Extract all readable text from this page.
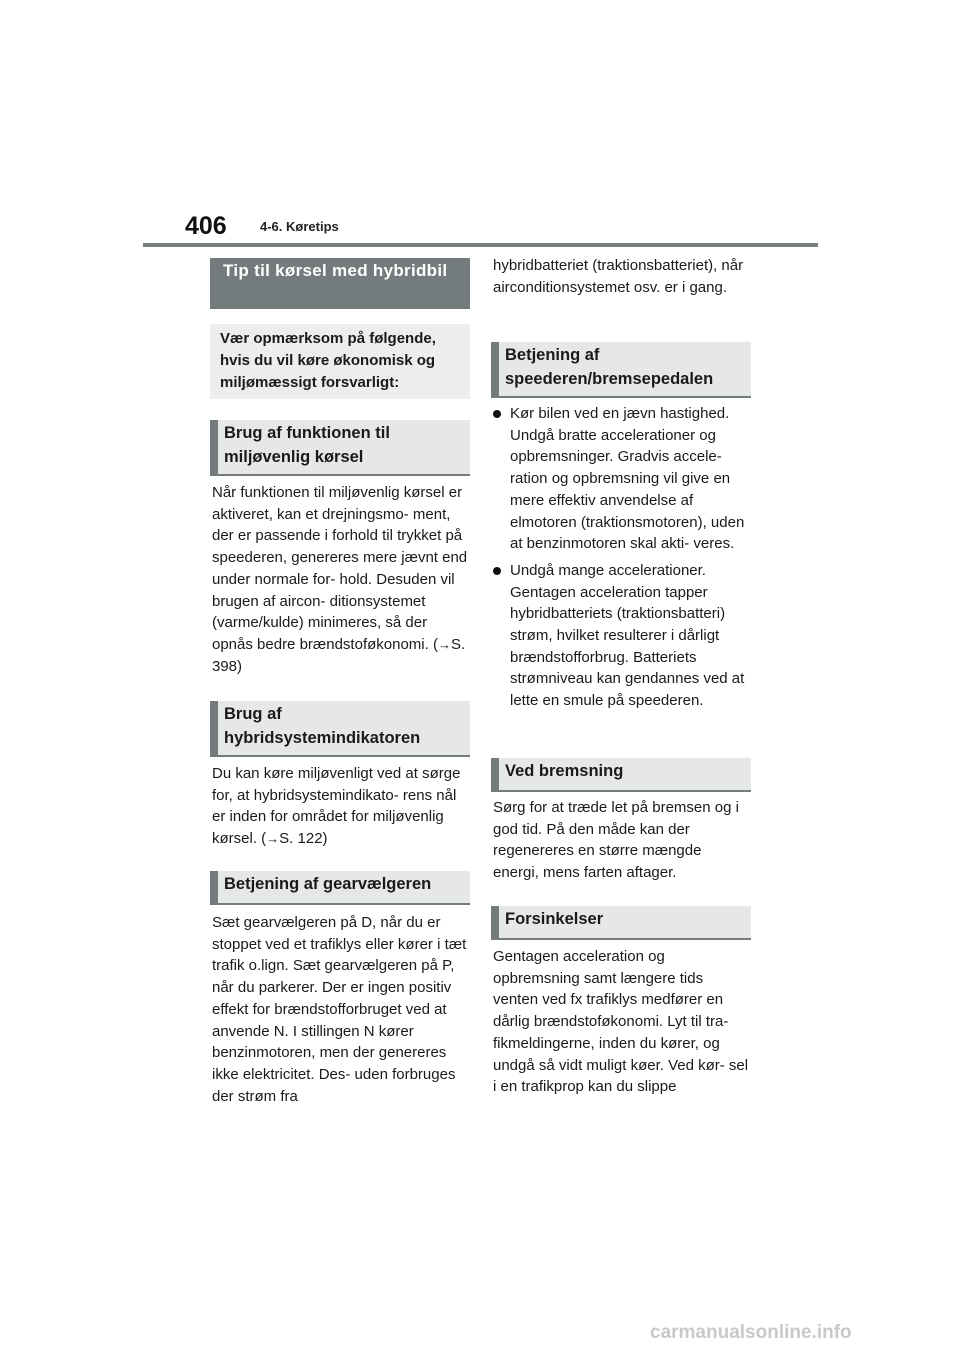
406	4-6. Køretips
Tip til kørsel med hybridbil
Vær opmærksom på følgende, hvis du vil køre økonomisk og miljømæssigt forsvarligt:
Brug af funktionen til miljøvenlig kørsel

Når funktionen til miljøvenlig kørsel er aktiveret, kan et drejningsmo- ment, der er passende i forhold til trykket på speederen, genereres mere jævnt end under normale for- hold. Desuden vil brugen af aircon- ditionsystemet (varme/kulde) minimeres, så der opnås bedre brændstoføkonomi. (→S. 398)

Brug af hybridsystemindikatoren

Du kan køre miljøvenligt ved at sørge for, at hybridsystemindikato- rens nål er inden for området for miljøvenlig kørsel. (→S. 122)

Betjening af gearvælgeren

Sæt gearvælgeren på D, når du er stoppet ved et trafiklys eller kører i tæt trafik o.lign. Sæt gearvælgeren på P, når du parkerer. Der er ingen positiv effekt for brændstofforbruget ved at anvende N. I stillingen N kører benzinmotoren, men der genereres ikke elektricitet. Des- uden forbruges der strøm fra

hybridbatteriet (traktionsbatteriet), når airconditionsystemet osv. er i gang.

Betjening af speederen/bremsepedalen
Kør bilen ved en jævn hastighed. Undgå bratte accelerationer og opbremsninger. Gradvis accele- ration og opbremsning vil give en mere effektiv anvendelse af elmotoren (traktionsmotoren), uden at benzinmotoren skal akti- veres.
Undgå mange accelerationer. Gentagen acceleration tapper hybridbatteriets (traktionsbatteri) strøm, hvilket resulterer i dårligt brændstofforbrug. Batteriets strømniveau kan gendannes ved at lette en smule på speederen.
Ved bremsning

Sørg for at træde let på bremsen og i god tid. På den måde kan der regenereres en større mængde energi, mens farten aftager.

Forsinkelser

Gentagen acceleration og opbremsning samt længere tids venten ved fx trafiklys medfører en dårlig brændstoføkonomi. Lyt til tra- fikmeldingerne, inden du kører, og undgå så vidt muligt køer. Ved kør- sel i en trafikprop kan du slippe

carmanualsonline.info
